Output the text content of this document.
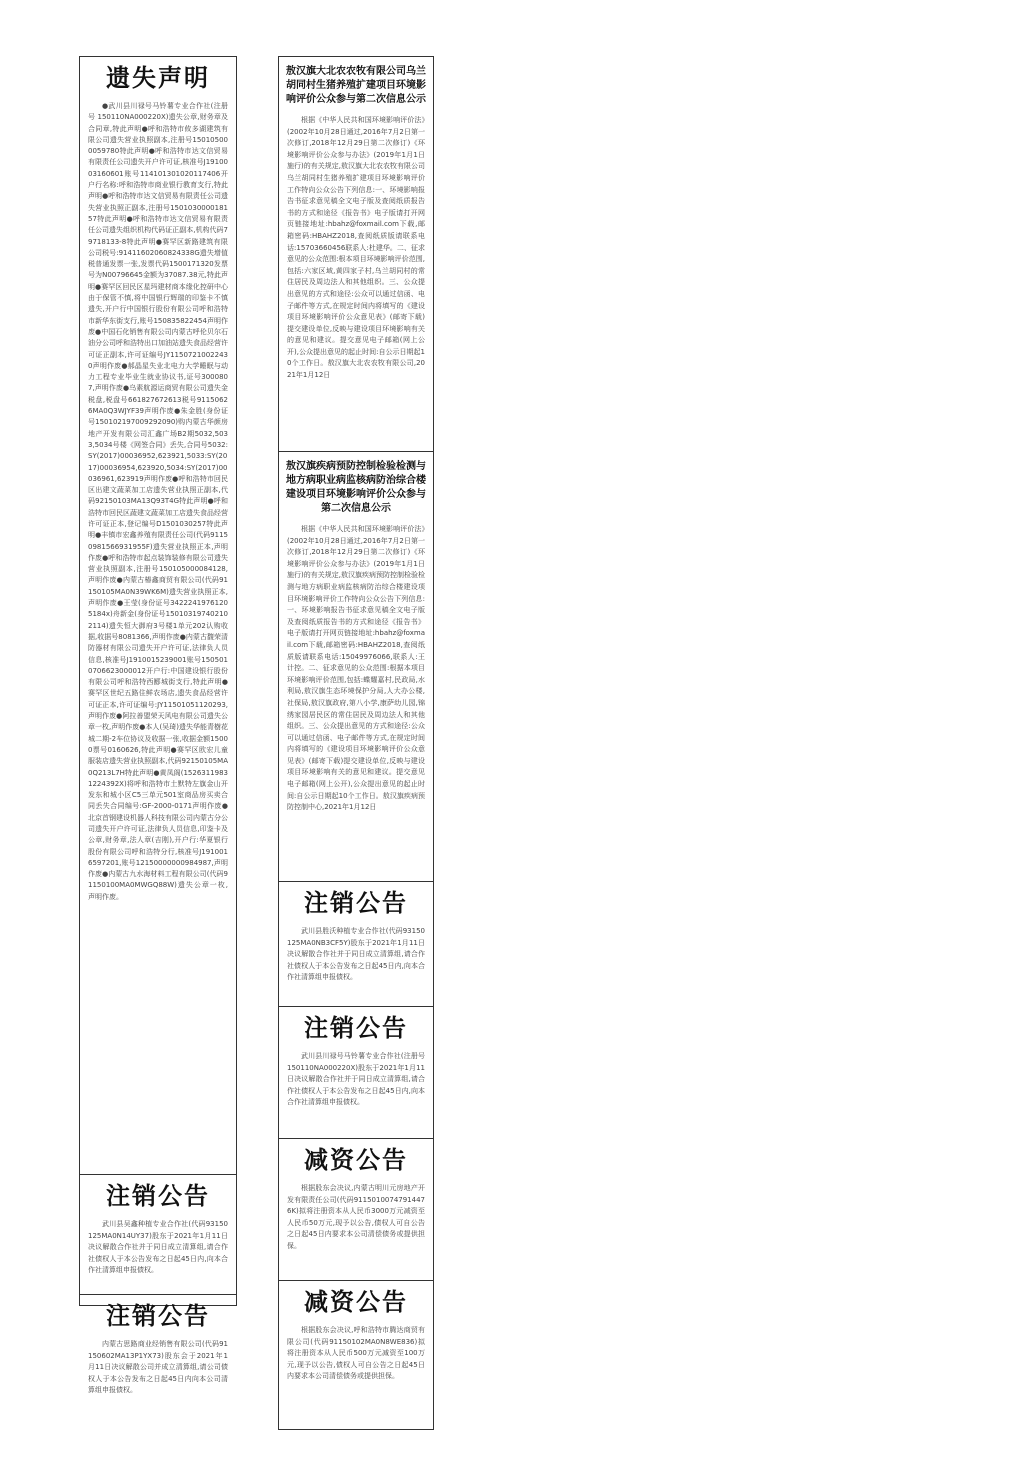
遗失声明

●武川县川禄号马铃薯专业合作社(注册号 150110NA000220X)遗失公章,财务章及合同章,特此声明●呼和浩特市攸多湖建筑有限公司遗失营业执照副本,注册号150105000059780特此声明●呼和浩特市达文信贸易有限责任公司遗失开户许可证,核准号J1910003160601账号114101301020117406开户行名称:呼和浩特市商业银行教育支行,特此声明●呼和浩特市达文信贸易有限责任公司遗失营业执照正副本,注册号150103000018157特此声明●呼和浩特市达文信贸易有限责任公司遗失组织机构代码证正副本,机构代码79718133-8特此声明●赛罕区新路建筑有限公司税号:91411602060824338G遗失增值税普通发票一张,发票代码1500171320发票号为N00796645金额为37087.38元,特此声明●赛罕区回民区星玛建材商本缘化控研中心由于保管不慎,将中国银行辉瑞的印鉴卡不慎遗失,开户行中国银行股份有限公司呼和浩特市新华东街支行,账号150835822454声明作废●中国石化销售有限公司内蒙古呼伦贝尔石油分公司呼和浩特出口加油站遗失食品经营许可证正副本,许可证编号JY11507210022430声明作废●郝晶星失业北电力大学睡眠与动力工程专业毕业生就业协议书,证号3000807,声明作废●乌素航源运商贸有限公司遗失金税盘,税盘号661827672613税号91150626MA0Q3WJYF39声明作废●朱金胜(身份证号150102197009292090)购内蒙古华颜房地产开发有限公司汇鑫广场B2期5032,5033,5034号楼《网签合同》丢失,合同号5032:SY(2017)00036952,623921,5033:SY(2017)00036954,623920,5034:SY(2017)00036961,623919声明作废●呼和浩特市回民区出建文蔬菜加工店遗失营业执照正副本,代码92150103MA13Q93T4G特此声明●呼和浩特市回民区蔬建文蔬菜加工店遗失食品经营许可证正本,登记编号D1501030257特此声明●丰镇市宏鑫养殖有限责任公司(代码91150981566931955F)遗失营业执照正本,声明作废●呼和浩特市起点装饰装修有限公司遗失营业执照副本,注册号150105000084128,声明作废●内蒙古椿鑫商贸有限公司(代码91150105MA0N39WK6M)遗失营业执照正本,声明作废●王莹(身份证号34222419761205184x)舟新金(身份证号150103197402102114)遗失恒大御府3号楼1单元202认购收据,收据号8081366,声明作废●内蒙古馥荣清防器材有限公司遗失开户许可证,法律负人员信息,核准号J1910015239001账号1505010706623000012开户行:中国建设银行股份有限公司呼和浩特西郾城街支行,特此声明●赛罕区世纪五路住鲜农场店,遗失食品经营许可证正本,许可证编号:JY11501051120293,声明作废●阿拉善盟荣天风电有限公司遗失公章一枚,声明作废●本人(吴琦)遗失华能青樹花城二期-2车位协议及收据一张,收据金额15000票号0160626,特此声明●赛罕区欧宏儿童服装店遗失营业执照副本,代码92150105MA0Q213L7H特此声明●黄凤阁(15263119831224392X)将呼和浩特市土默特左旗金山开发东和城小区C5三单元501室商品房买卖合同丢失合同编号:GF-2000-0171声明作废●北京首钢建设机器人科技有限公司内蒙古分公司遗失开户许可证,法律负人员信息,印鉴卡及公章,财务章,法人章(吉刚),开户行:华夏银行股份有限公司呼和浩特分行,核准号J1910016597201,账号12150000000984987,声明作废●内蒙古九水海材料工程有限公司(代码91150100MA0MWGQ88W)遗失公章一枚,声明作废。

注销公告

武川县吴鑫种植专业合作社(代码93150125MA0N14UY37)股东于2021年1月11日决议解散合作社并于同日成立清算组,请合作社债权人于本公告发布之日起45日内,向本合作社清算组申报债权。

注销公告

内蒙古思路商业经销售有限公司(代码91150602MA13P1YX73)股东会于2021年1月11日决议解散公司并成立清算组,请公司债权人于本公告发布之日起45日内向本公司清算组申报债权。

敖汉旗大北农农牧有限公司乌兰胡同村生猪养殖扩建项目环境影响评价公众参与第二次信息公示

根据《中华人民共和国环境影响评价法》(2002年10月28日通过,2016年7月2日第一次修订,2018年12月29日第二次修订)《环境影响评价公众参与办法》(2019年1月1日施行)的有关规定,敖汉旗大北农农牧有限公司乌兰胡同村生猪养殖扩建项目环境影响评价工作特向公众公告下列信息:一、环境影响报告书征求意见稿全文电子版及查阅纸质报告书的方式和途径《报告书》电子版请打开网页链接地址:hbahz@foxmail.com下载,邮箱密码:HBAHZ2018,查阅纸质版请联系电话:15703660456联系人:杜建华。二、征求意见的公众范围:根本项目环境影响评价范围,包括:六家区域,黄四家子村,乌兰胡同村的常住居民及周边法人和其他组织。三、公众提出意见的方式和途径:公众可以通过信函、电子邮件等方式,在规定时间内将填写的《建设项目环境影响评价公众意见表》(邮寄下载)提交建设单位,反映与建设项目环境影响有关的意见和建议。提交意见电子邮箱(网上公开),公众提出意见的起止时间:自公示日期起10个工作日。敖汉旗大北农农牧有限公司,2021年1月12日

敖汉旗疾病预防控制检验检测与地方病职业病监核病防治综合楼建设项目环境影响评价公众参与第二次信息公示

根据《中华人民共和国环境影响评价法》(2002年10月28日通过,2016年7月2日第一次修订,2018年12月29日第二次修订)《环境影响评价公众参与办法》(2019年1月1日施行)的有关规定,敖汉旗疾病预防控制检验检测与地方病职业病监核病防治综合楼建设项目环境影响评价工作特向公众公告下列信息:一、环境影响报告书征求意见稿全文电子版及查阅纸质报告书的方式和途径《报告书》电子版请打开网页链接地址:hbahz@foxmail.com下载,邮箱密码:HBAHZ2018,查阅纸质版请联系电话:15049976066,联系人:王计控。二、征求意见的公众范围:根据本项目环境影响评价范围,包括:蝶耀嘉村,民政局,水利局,敖汉旗生态环境保护分局,人大办公楼,社保局,敖汉旗政府,第八小学,康萨幼儿园,锦绣家园居民区的常住居民及周边法人和其他组织。三、公众提出意见的方式和途径:公众可以通过信函、电子邮件等方式,在规定时间内将填写的《建设项目环境影响评价公众意见表》(邮寄下载)提交建设单位,反映与建设项目环境影响有关的意见和建议。提交意见电子邮箱(网上公开),公众提出意见的起止时间:自公示日期起10个工作日。敖汉旗疾病预防控制中心,2021年1月12日

注销公告

武川县胜沃种植专业合作社(代码93150125MA0NB3CF5Y)股东于2021年1月11日决议解散合作社并于同日成立清算组,请合作社债权人于本公告发布之日起45日内,向本合作社清算组申报债权。

注销公告

武川县川禄号马铃薯专业合作社(注册号150110NA000220X)股东于2021年1月11日决议解散合作社并于同日成立清算组,请合作社债权人于本公告发布之日起45日内,向本合作社清算组申报债权。

减资公告

根据股东会决议,内蒙古明川元房地产开发有限责任公司(代码91150100747914476K)拟将注册资本从人民币3000万元减资至人民币50万元,现予以公告,债权人可自公告之日起45日内要求本公司清偿债务或提供担保。

减资公告

根据股东会决议,呼和浩特市腾达商贸有限公司(代码91150102MA0N8WE836)拟将注册资本从人民币500万元减资至100万元,现予以公告,债权人可自公告之日起45日内要求本公司清偿债务或提供担保。
